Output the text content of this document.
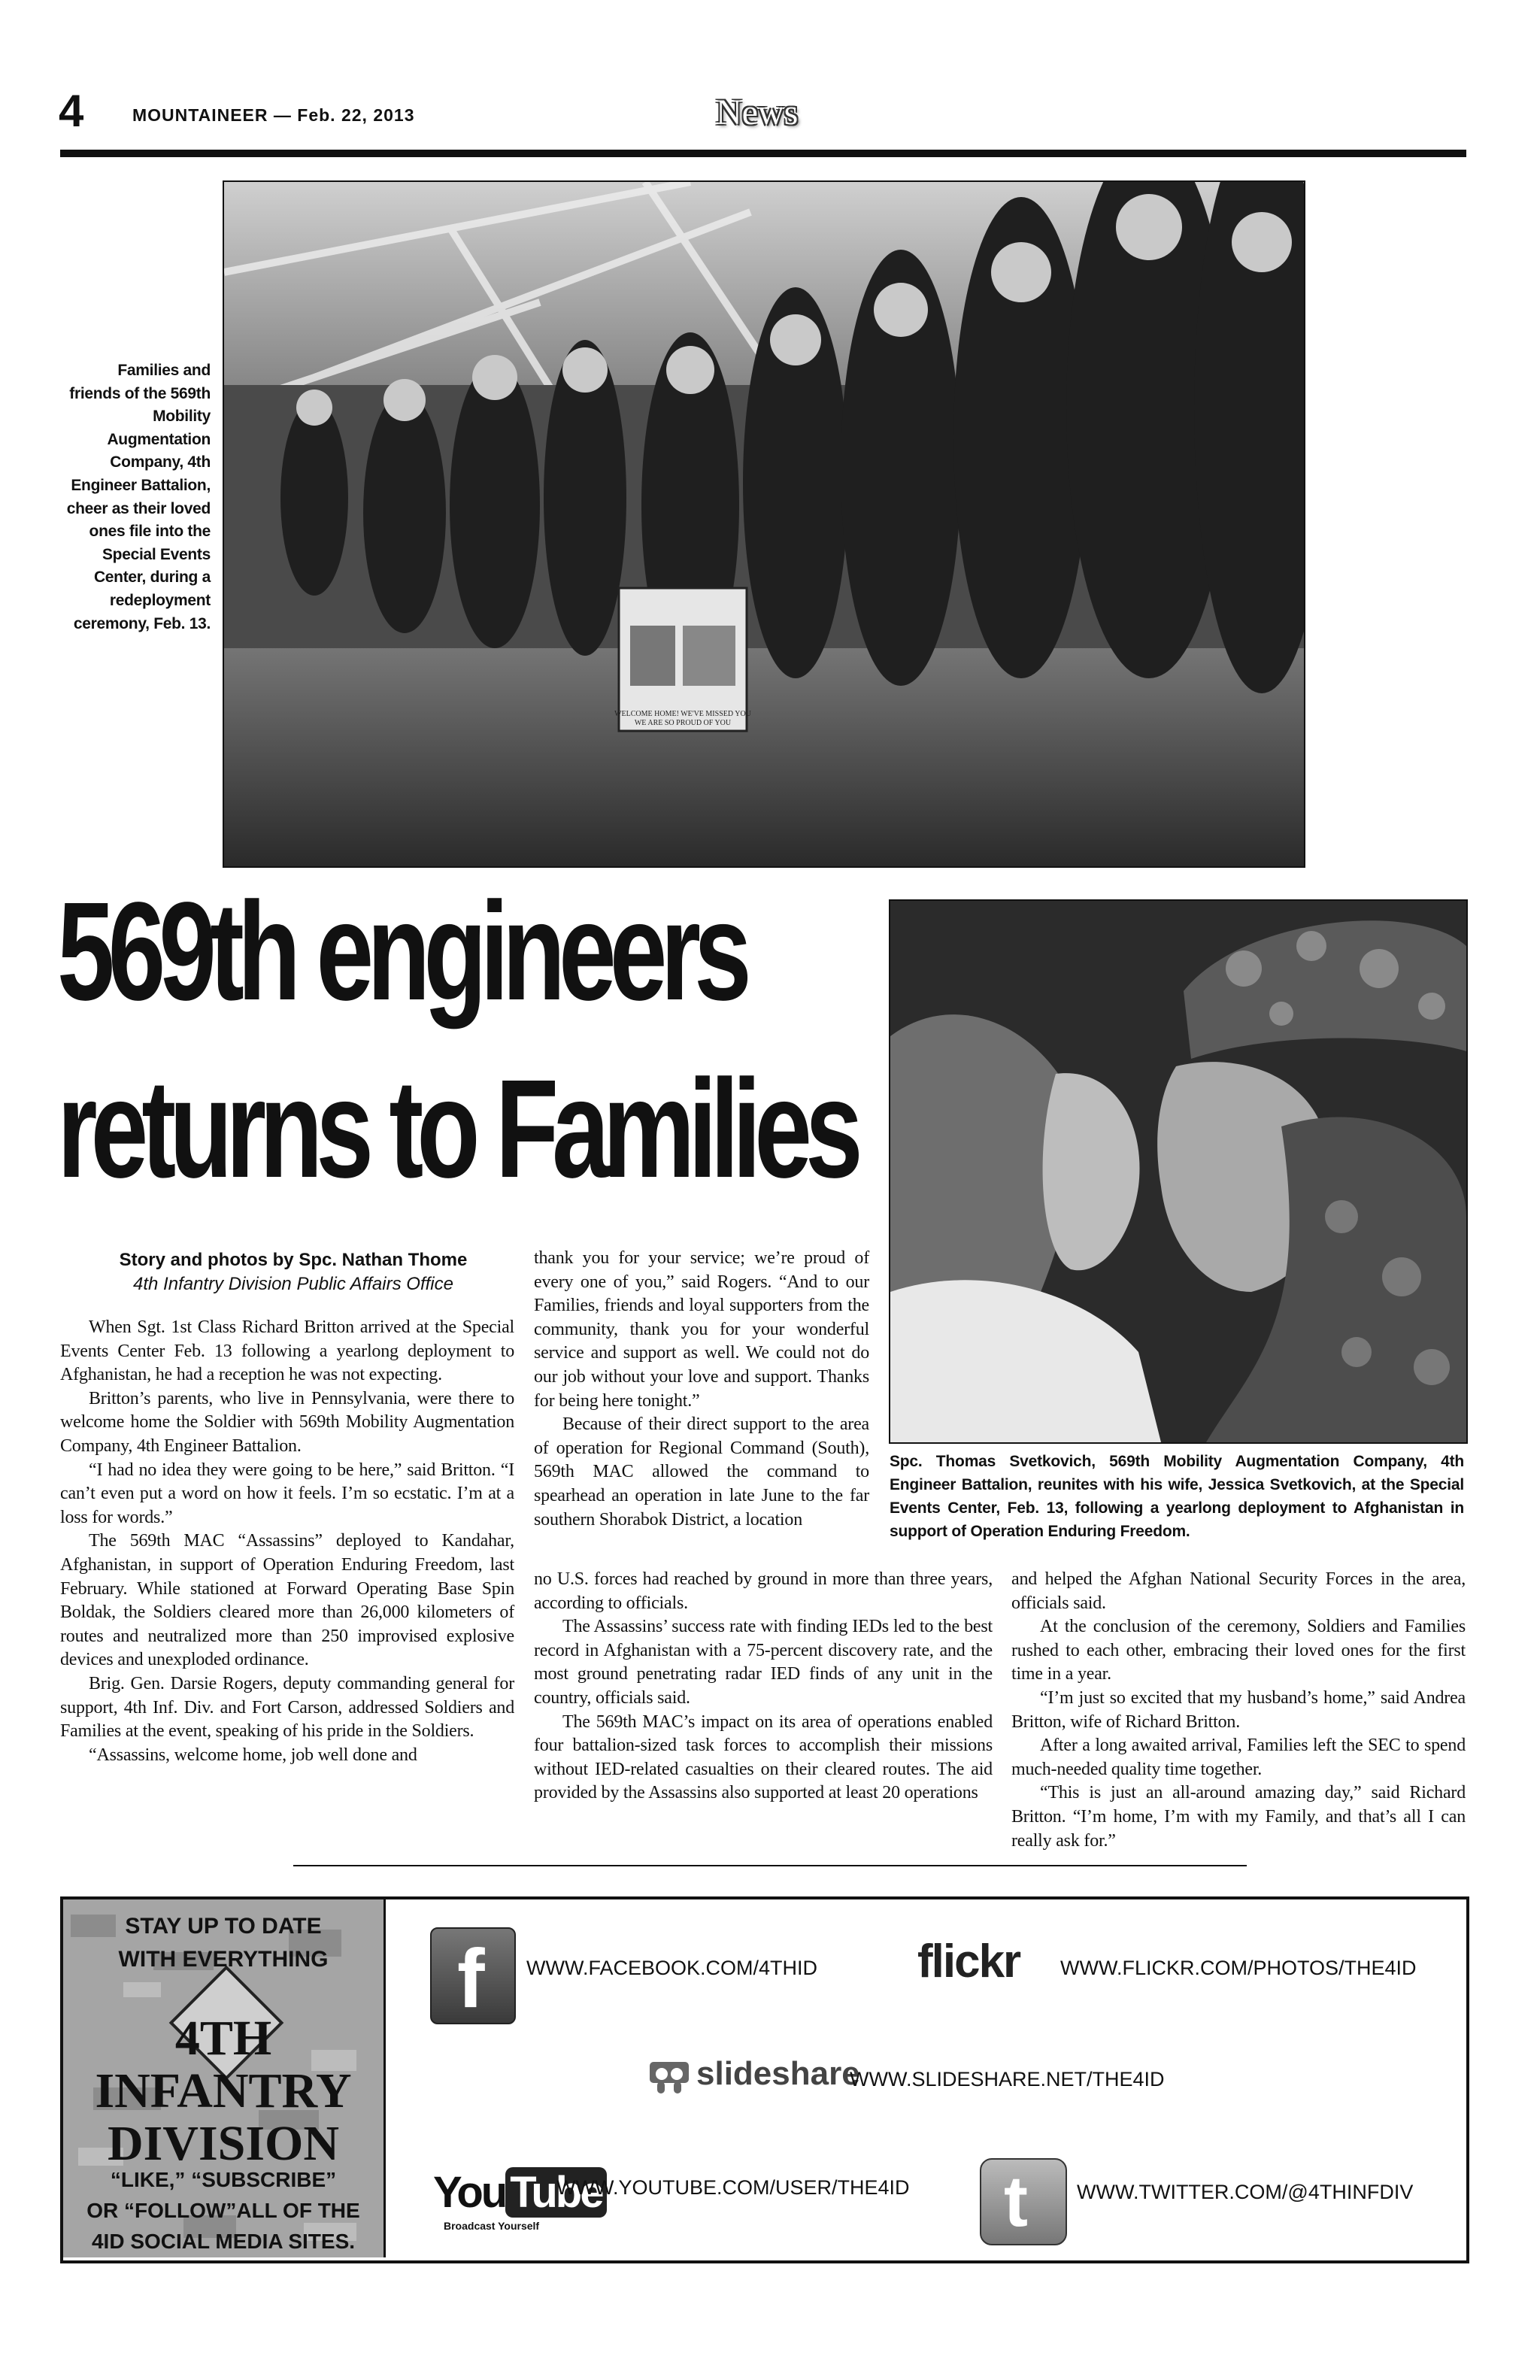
4	MOUNTAINEER — Feb. 22, 2013	News
Families and friends of the 569th Mobility Augmentation Company, 4th Engineer Battalion, cheer as their loved ones file into the Special Events Center, during a redeployment ceremony, Feb. 13.
WELCOME HOME! WE'VE MISSED YOU
WE ARE SO PROUD OF YOU
569th engineers
returns to Families
Spc. Thomas Svetkovich, 569th Mobility Augmentation Company, 4th Engineer Battalion, reunites with his wife, Jessica Svetkovich, at the Special Events Center, Feb. 13, following a yearlong deployment to Afghanistan in support of Operation Enduring Freedom.
Story and photos by Spc. Nathan Thome
4th Infantry Division Public Affairs Office

When Sgt. 1st Class Richard Britton arrived at the Special Events Center Feb. 13 following a yearlong deployment to Afghanistan, he had a reception he was not expecting.

Britton’s parents, who live in Pennsylvania, were there to welcome home the Soldier with 569th Mobility Augmentation Company, 4th Engineer Battalion.

“I had no idea they were going to be here,” said Britton. “I can’t even put a word on how it feels. I’m so ecstatic. I’m at a loss for words.”

The 569th MAC “Assassins” deployed to Kandahar, Afghanistan, in support of Operation Enduring Freedom, last February. While stationed at Forward Operating Base Spin Boldak, the Soldiers cleared more than 26,000 kilometers of routes and neutralized more than 250 improvised explosive devices and unexploded ordinance.

Brig. Gen. Darsie Rogers, deputy commanding general for support, 4th Inf. Div. and Fort Carson, addressed Soldiers and Families at the event, speaking of his pride in the Soldiers.

“Assassins, welcome home, job well done and

thank you for your service; we’re proud of every one of you,” said Rogers. “And to our Families, friends and loyal supporters from the community, thank you for your wonderful service and support as well. We could not do our job without your love and support. Thanks for being here tonight.”

Because of their direct support to the area of operation for Regional Command (South), 569th MAC allowed the command to spearhead an operation in late June to the far southern Shorabok District, a location

no U.S. forces had reached by ground in more than three years, according to officials.

The Assassins’ success rate with finding IEDs led to the best record in Afghanistan with a 75-percent discovery rate, and the most ground penetrating radar IED finds of any unit in the country, officials said.

The 569th MAC’s impact on its area of operations enabled four battalion-sized task forces to accomplish their missions without IED-related casualties on their cleared routes. The aid provided by the Assassins also supported at least 20 operations

and helped the Afghan National Security Forces in the area, officials said.

At the conclusion of the ceremony, Soldiers and Families rushed to each other, embracing their loved ones for the first time in a year.

“I’m just so excited that my husband’s home,” said Andrea Britton, wife of Richard Britton.

After a long awaited arrival, Families left the SEC to spend much-needed quality time together.

“This is just an all-around amazing day,” said Richard Britton. “I’m home, I’m with my Family, and that’s all I can really ask for.”

STAY UP TO DATE
WITH EVERYTHING
4TH INFANTRY
DIVISION
“LIKE,” “SUBSCRIBE”
OR “FOLLOW”ALL OF THE
4ID SOCIAL MEDIA SITES.
f WWW.FACEBOOK.COM/4THID flickr WWW.FLICKR.COM/PHOTOS/THE4ID
slideshare
WWW.SLIDESHARE.NET/THE4ID
You Tube
Broadcast Yourself
WWW.YOUTUBE.COM/USER/THE4ID t WWW.TWITTER.COM/@4THINFDIV
